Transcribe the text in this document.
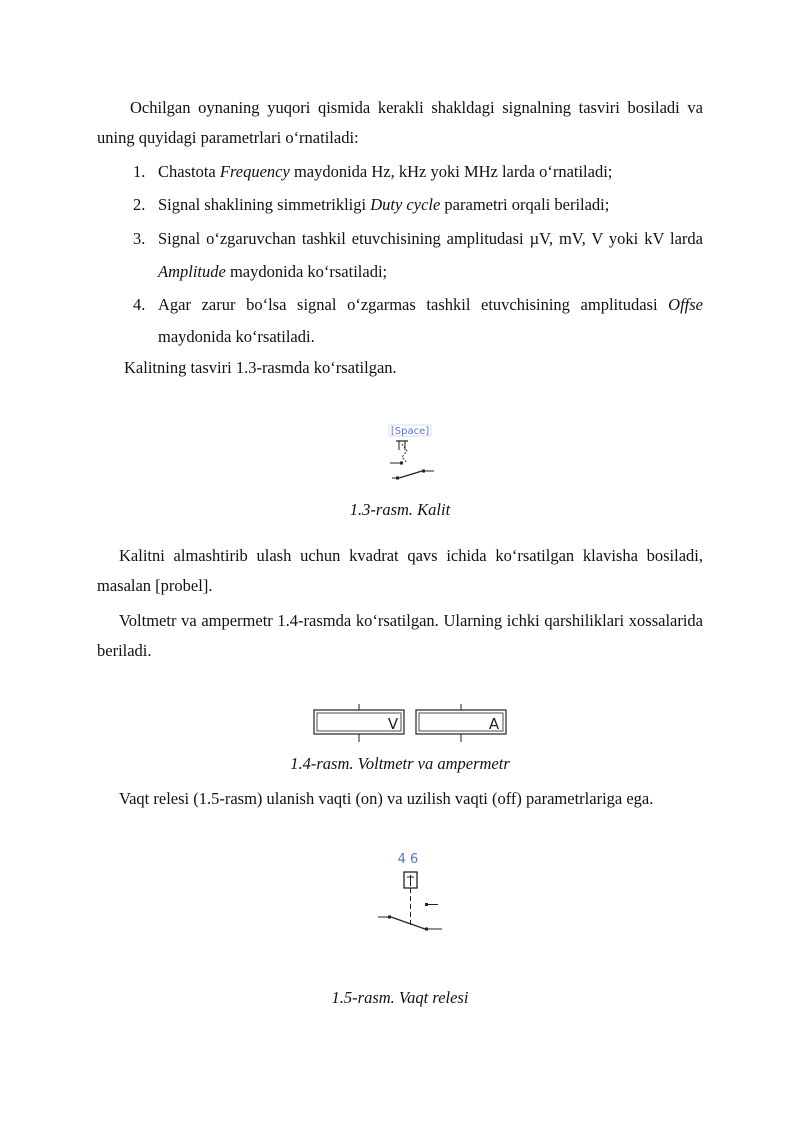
Ochilgan oynaning yuqori qismida kerakli shakldagi signalning tasviri bosiladi va uning quyidagi parametrlari o‘rnatiladi:

1. Chastota Frequency maydonida Hz, kHz yoki MHz larda o‘rnatiladi;
2. Signal shaklining simmetrikligi Duty cycle parametri orqali beriladi;
3. Signal o‘zgaruvchan tashkil etuvchisining amplitudasi µV, mV, V yoki kV larda Amplitude maydonida ko‘rsatiladi;
4. Agar zarur bo‘lsa signal o‘zgarmas tashkil etuvchisining amplitudasi Offse maydonida ko‘rsatiladi.

Kalitning tasviri 1.3-rasmda ko‘rsatilgan.

[Space]

1.3-rasm. Kalit

Kalitni almashtirib ulash uchun kvadrat qavs ichida ko‘rsatilgan klavisha bosiladi, masalan [probel].

Voltmetr va ampermetr 1.4-rasmda ko‘rsatilgan. Ularning ichki qarshiliklari xossalarida beriladi.

V	A

1.4-rasm. Voltmetr va ampermetr

Vaqt relesi (1.5-rasm) ulanish vaqti (on) va uzilish vaqti (off) parametrlariga ega.

4 6

1.5-rasm. Vaqt relesi
